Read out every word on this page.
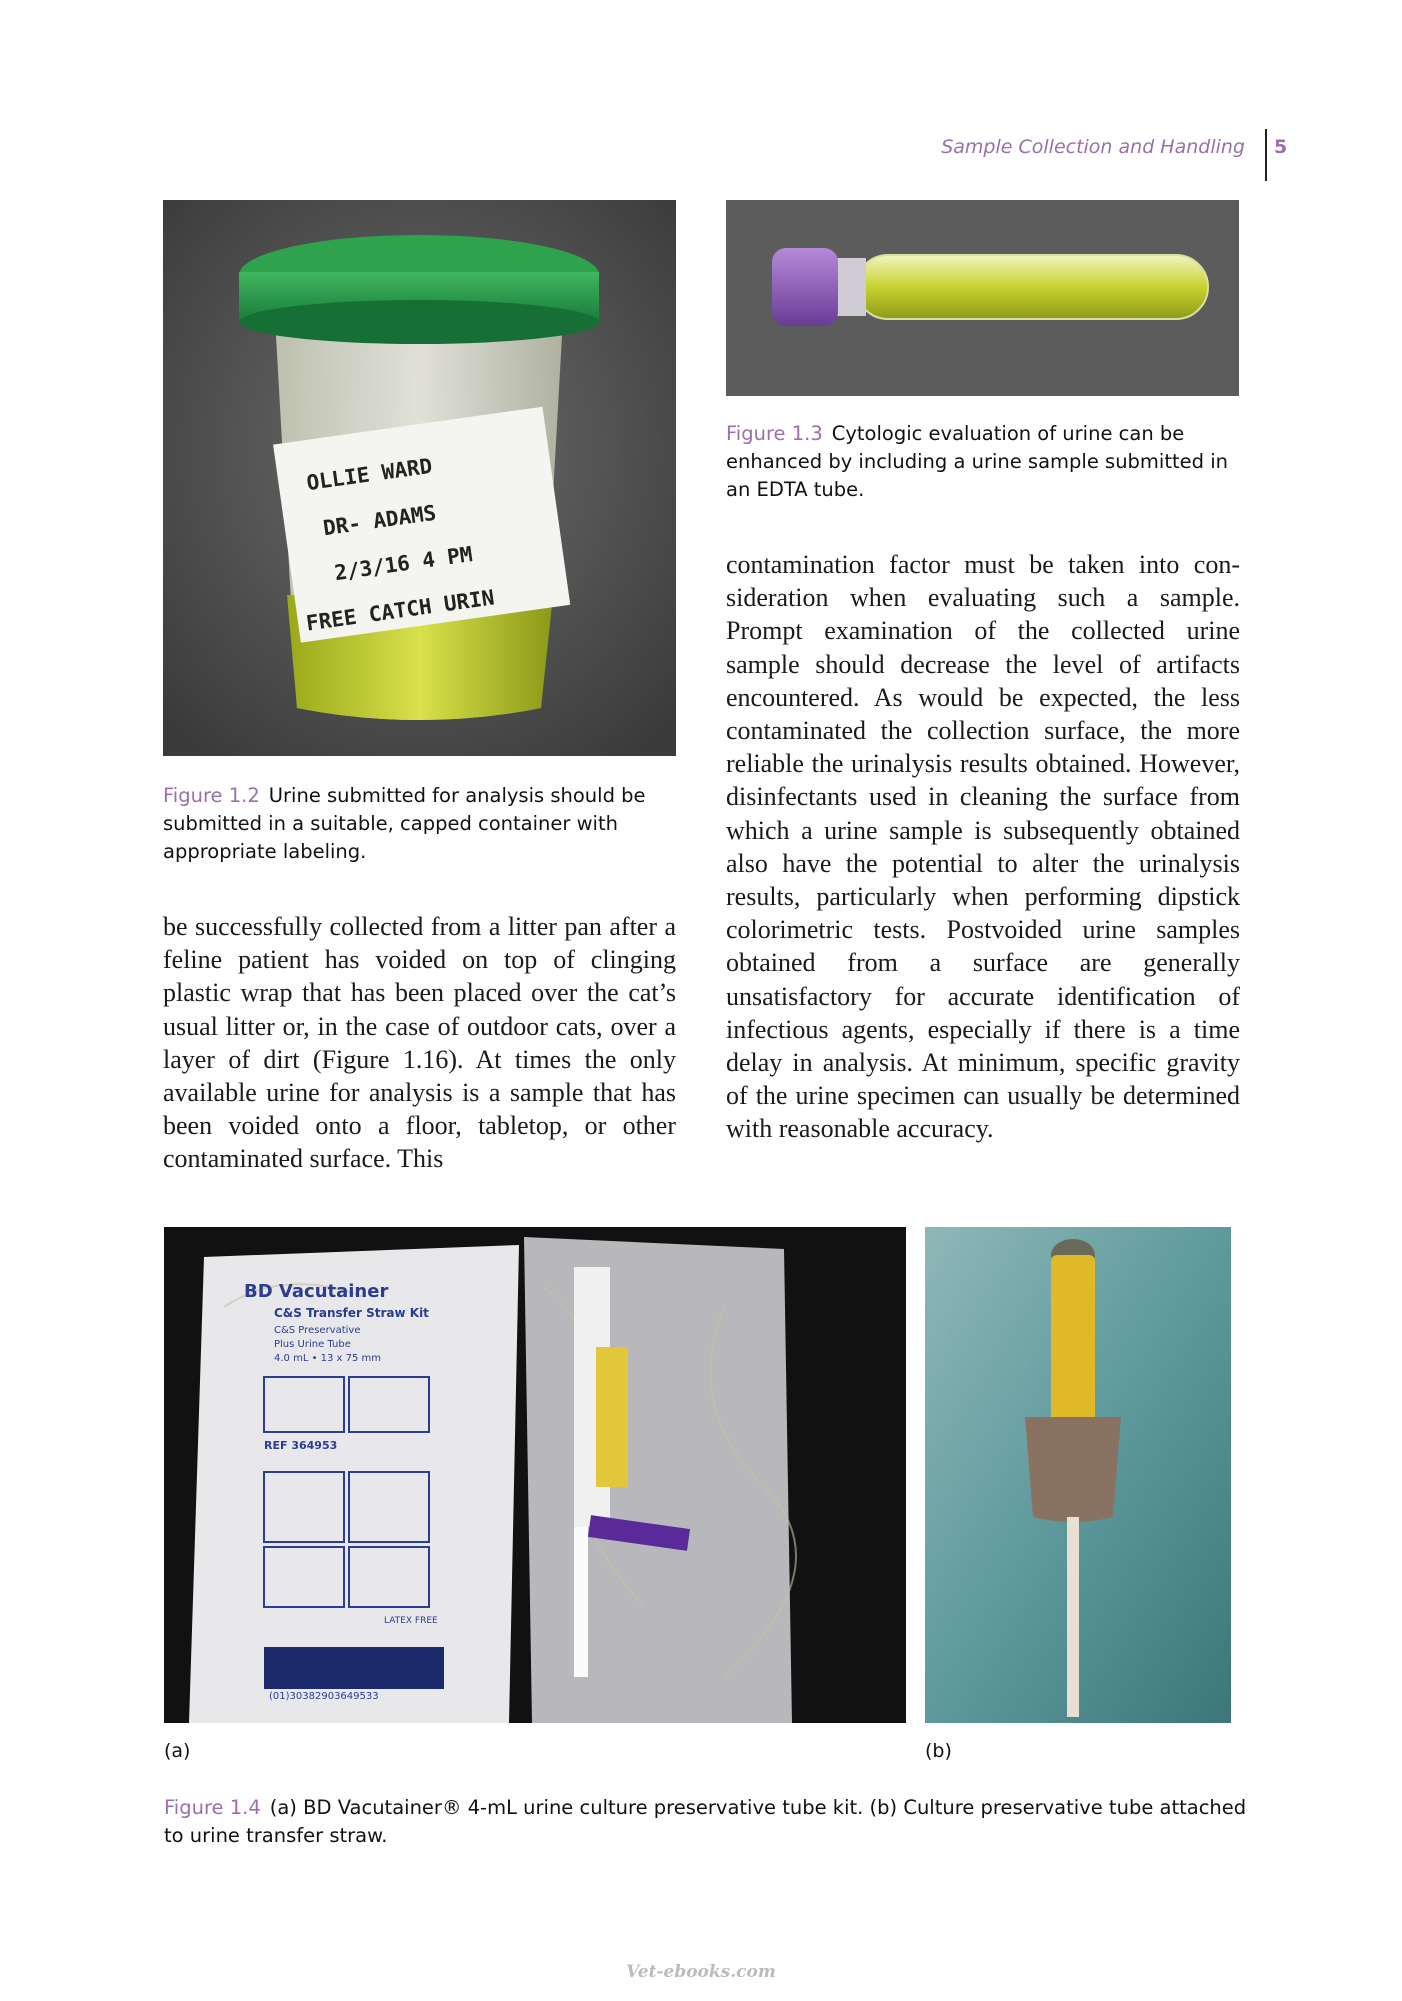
Sample Collection and Handling 5
OLLIE WARD
DR- ADAMS
2/3/16 4 PM
FREE CATCH URIN
Figure 1.2 Urine submitted for analysis should be submitted in a suitable, capped container with appropriate labeling.
Figure 1.3 Cytologic evaluation of urine can be enhanced by including a urine sample submitted in an EDTA tube.
be successfully collected from a litter pan after a feline patient has voided on top of clinging plastic wrap that has been placed over the cat’s usual litter or, in the case of outdoor cats, over a layer of dirt (Figure 1.16). At times the only available urine for analysis is a sample that has been voided onto a floor, tabletop, or other contaminated surface. This
contamination factor must be taken into consideration when evaluating such a sample. Prompt examination of the collected urine sample should decrease the level of artifacts encountered. As would be expected, the less contaminated the collection surface, the more reliable the urinalysis results obtained. However, disinfectants used in cleaning the surface from which a urine sample is subsequently obtained also have the potential to alter the urinalysis results, particularly when performing dipstick colorimetric tests. Postvoided urine samples obtained from a surface are generally unsatisfactory for accurate identification of infectious agents, especially if there is a time delay in analysis. At minimum, specific gravity of the urine specimen can usually be determined with reasonable accuracy.
BD Vacutainer
C&S Transfer Straw Kit
C&S Preservative
Plus Urine Tube
4.0 mL • 13 x 75 mm
REF 364953
(01)30382903649533
LATEX FREE
(a)	(b)
Figure 1.4 (a) BD Vacutainer® 4-mL urine culture preservative tube kit. (b) Culture preservative tube attached to urine transfer straw.
Vet-ebooks.com
